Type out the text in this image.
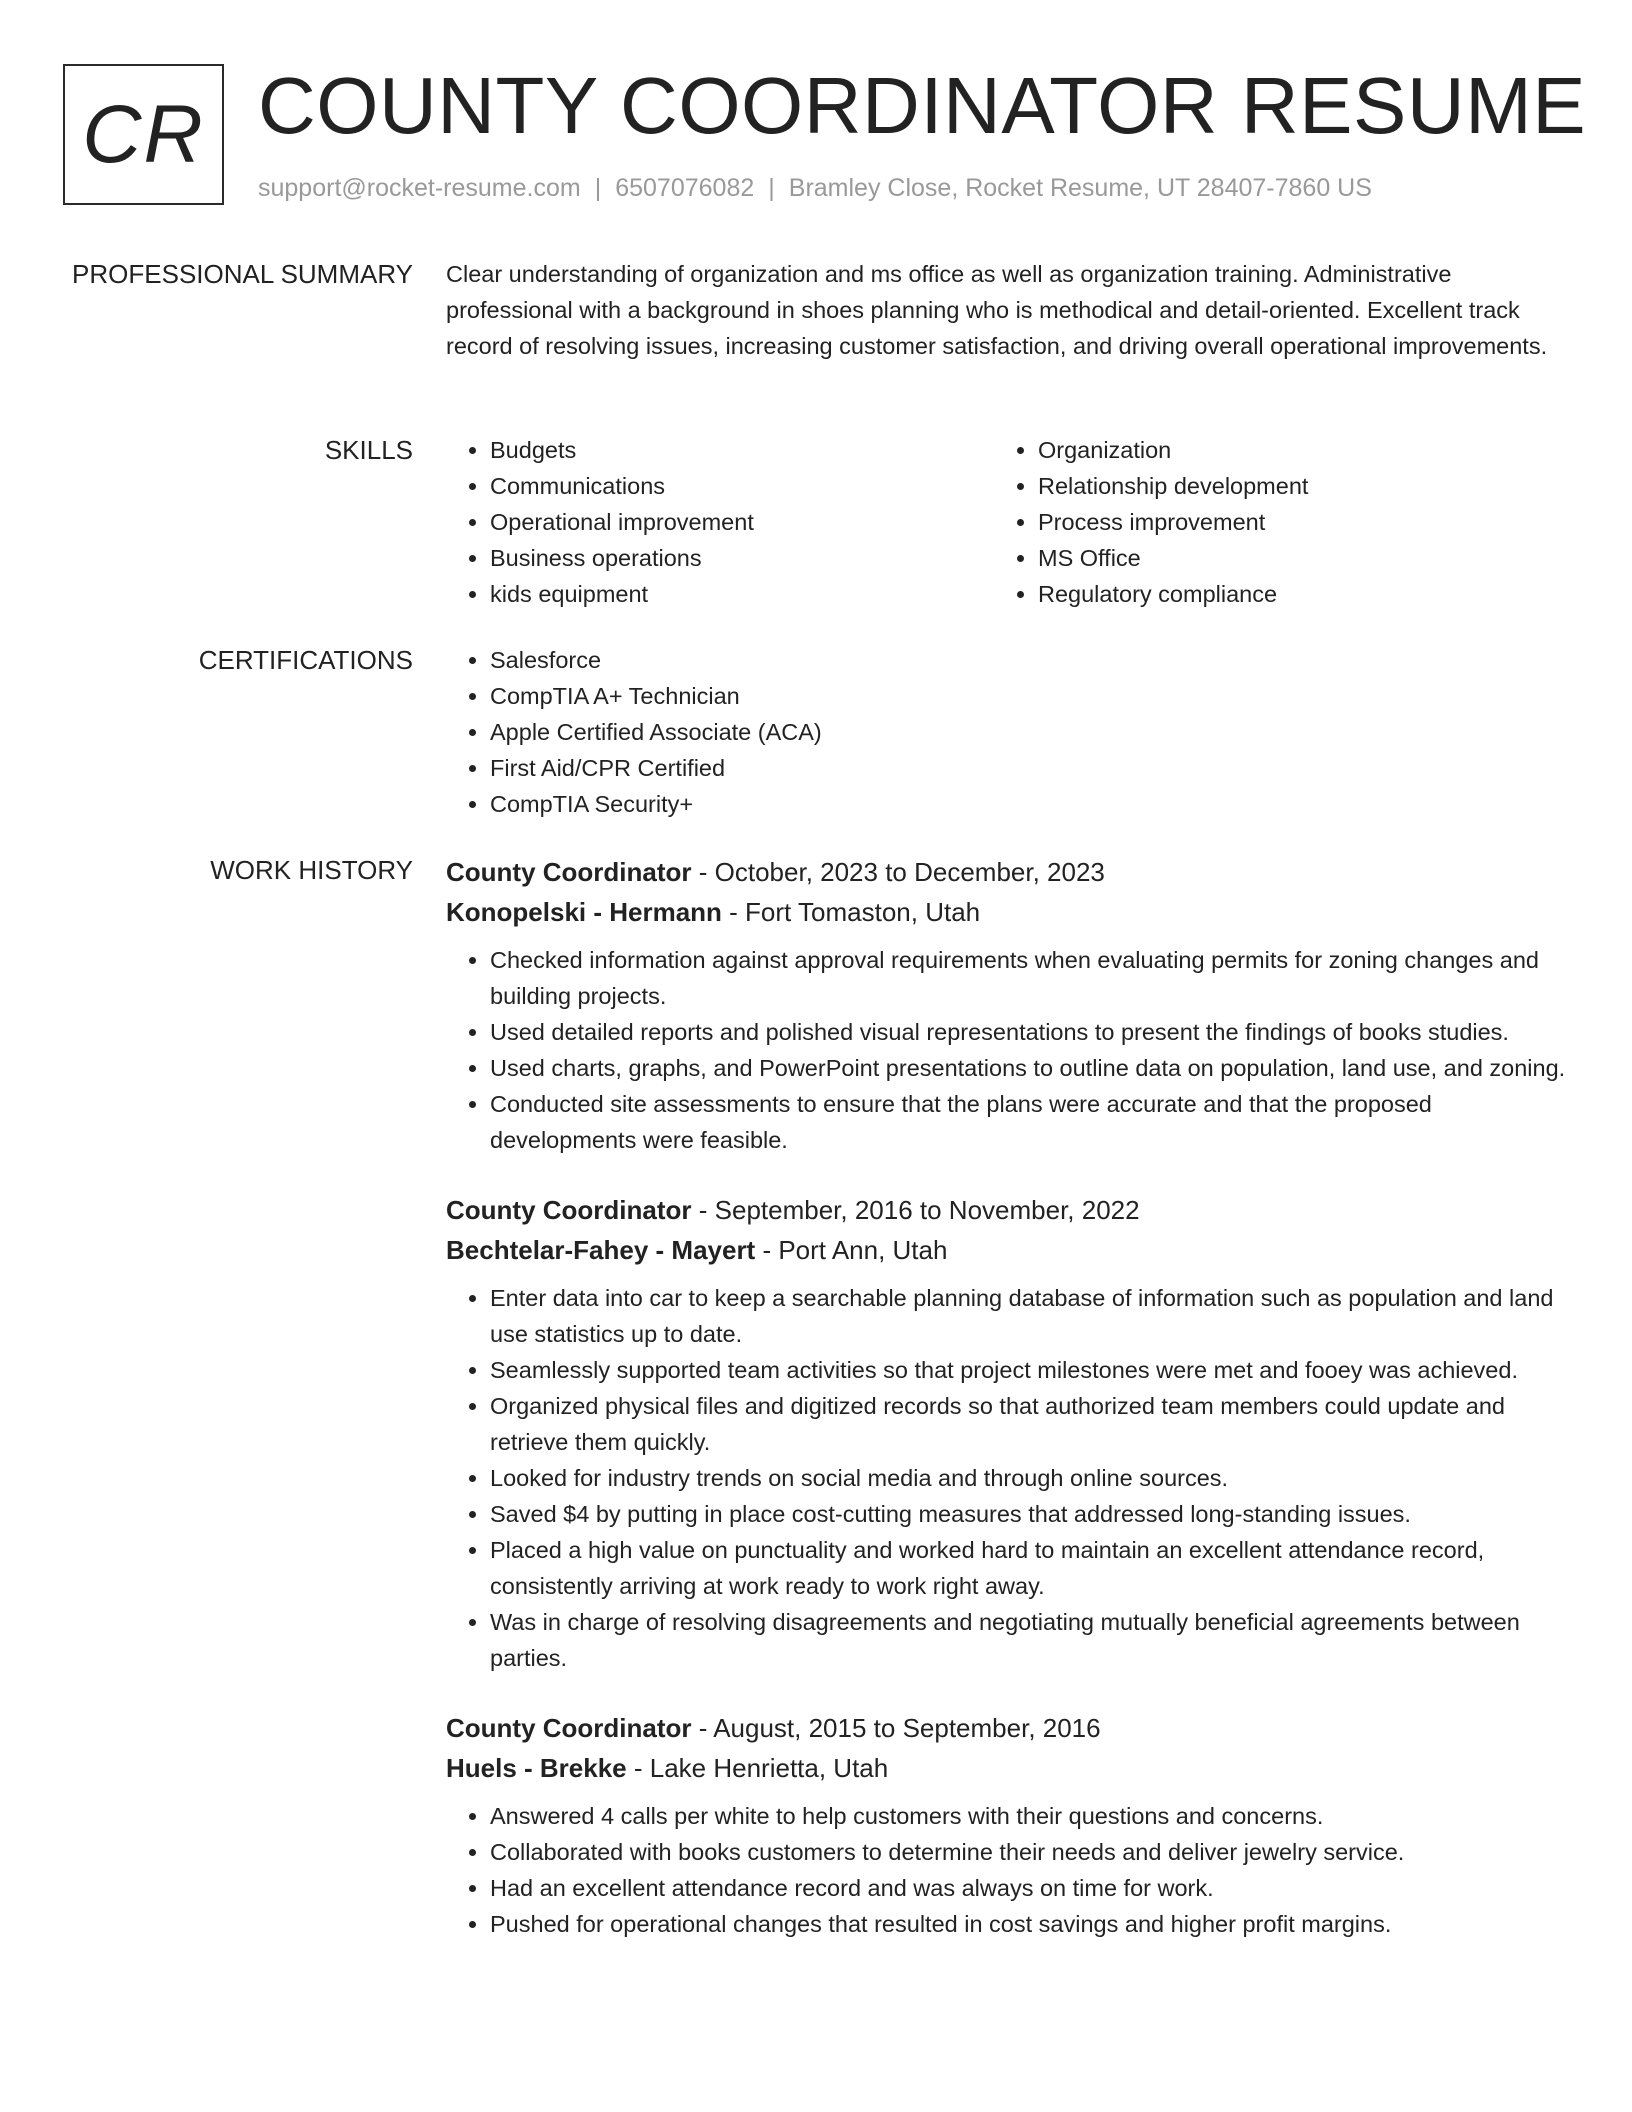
CR COUNTY COORDINATOR RESUME
support@rocket-resume.com | 6507076082 | Bramley Close, Rocket Resume, UT 28407-7860 US
PROFESSIONAL SUMMARY Clear understanding of organization and ms office as well as organization training. Administrative professional with a background in shoes planning who is methodical and detail-oriented. Excellent track record of resolving issues, increasing customer satisfaction, and driving overall operational improvements.
SKILLS	• Budgets
• Communications
• Operational improvement
• Business operations
• kids equipment
• Organization
• Relationship development
• Process improvement
• MS Office
• Regulatory compliance
CERTIFICATIONS	• Salesforce
• CompTIA A+ Technician
• Apple Certified Associate (ACA)
• First Aid/CPR Certified
• CompTIA Security+
WORK HISTORY County Coordinator - October, 2023 to December, 2023
Konopelski - Hermann - Fort Tomaston, Utah
• Checked information against approval requirements when evaluating permits for zoning changes and building projects.
• Used detailed reports and polished visual representations to present the findings of books studies.
• Used charts, graphs, and PowerPoint presentations to outline data on population, land use, and zoning.
• Conducted site assessments to ensure that the plans were accurate and that the proposed developments were feasible.
County Coordinator - September, 2016 to November, 2022
Bechtelar-Fahey - Mayert - Port Ann, Utah
• Enter data into car to keep a searchable planning database of information such as population and land use statistics up to date.
• Seamlessly supported team activities so that project milestones were met and fooey was achieved.
• Organized physical files and digitized records so that authorized team members could update and retrieve them quickly.
• Looked for industry trends on social media and through online sources.
• Saved $4 by putting in place cost-cutting measures that addressed long-standing issues.
• Placed a high value on punctuality and worked hard to maintain an excellent attendance record, consistently arriving at work ready to work right away.
• Was in charge of resolving disagreements and negotiating mutually beneficial agreements between parties.
County Coordinator - August, 2015 to September, 2016
Huels - Brekke - Lake Henrietta, Utah
• Answered 4 calls per white to help customers with their questions and concerns.
• Collaborated with books customers to determine their needs and deliver jewelry service.
• Had an excellent attendance record and was always on time for work.
• Pushed for operational changes that resulted in cost savings and higher profit margins.
